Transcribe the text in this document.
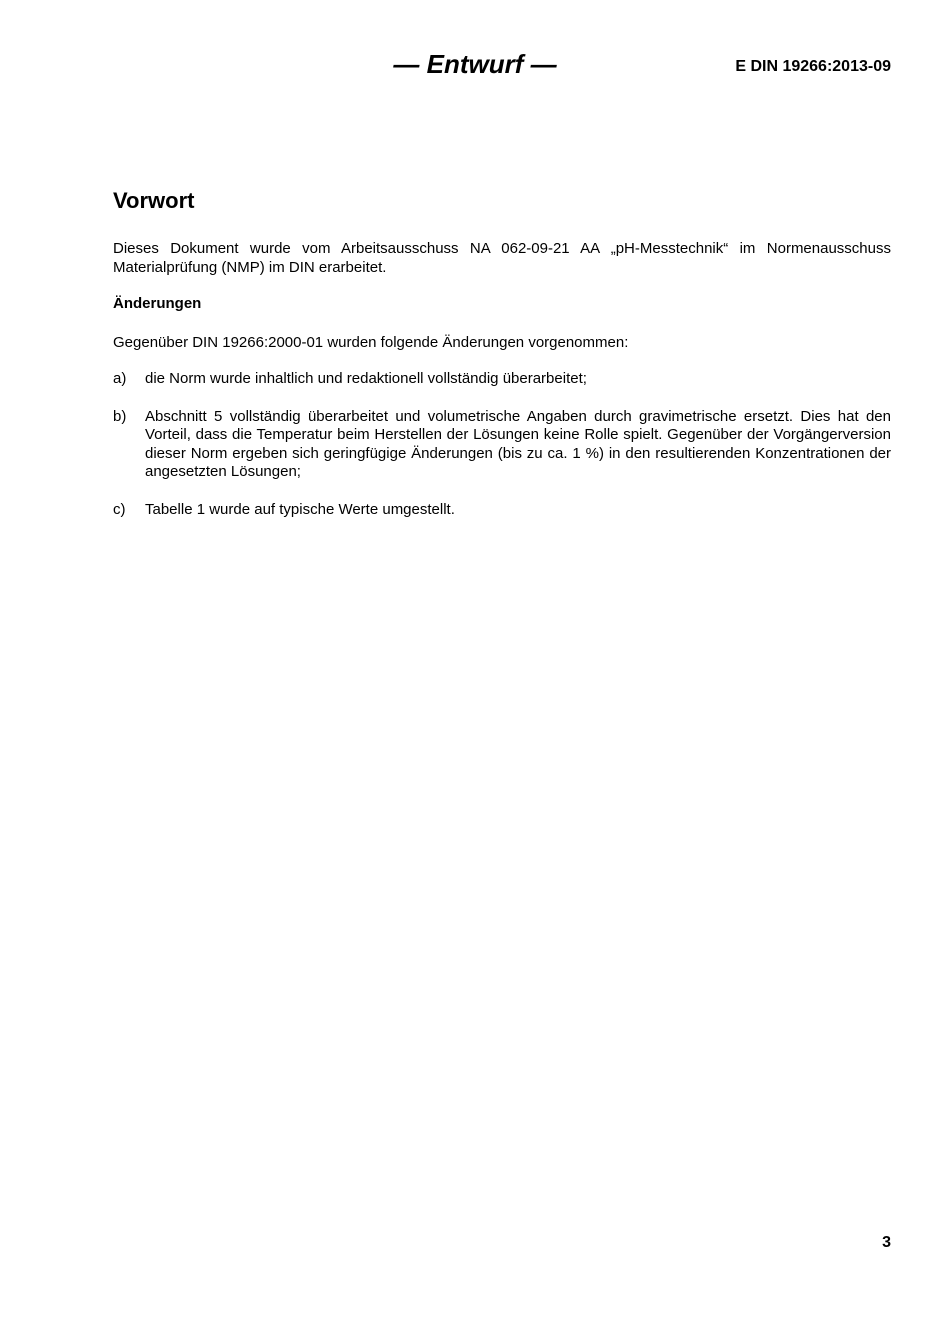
— Entwurf —	E DIN 19266:2013-09
Vorwort

Dieses Dokument wurde vom Arbeitsausschuss NA 062-09-21 AA „pH-Messtechnik“ im Normenausschuss Materialprüfung (NMP) im DIN erarbeitet.

Änderungen

Gegenüber DIN 19266:2000-01 wurden folgende Änderungen vorgenommen:

a)	die Norm wurde inhaltlich und redaktionell vollständig überarbeitet;
b)	Abschnitt 5 vollständig überarbeitet und volumetrische Angaben durch gravimetrische ersetzt. Dies hat den Vorteil, dass die Temperatur beim Herstellen der Lösungen keine Rolle spielt. Gegenüber der Vorgängerversion dieser Norm ergeben sich geringfügige Änderungen (bis zu ca. 1 %) in den resultierenden Konzentrationen der angesetzten Lösungen;
c)	Tabelle 1 wurde auf typische Werte umgestellt.
3
